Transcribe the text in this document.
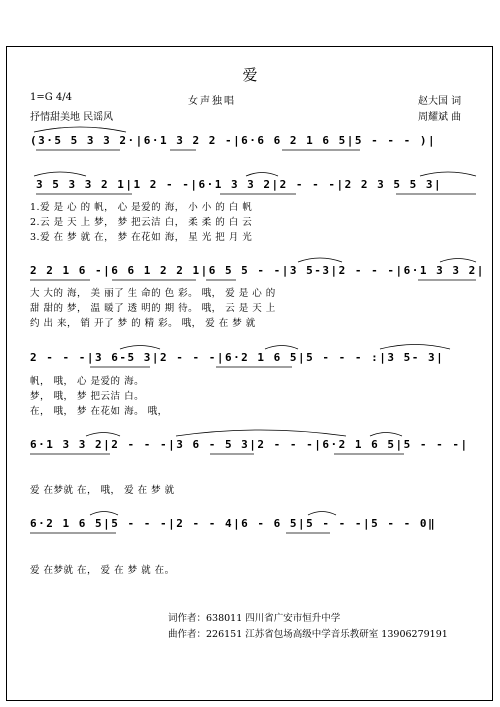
爱
1=G 4/4	女声独唱	赵大国 词
抒情甜美地 民谣风	周耀斌 曲
(3·5 5 3 3 2·|6·1 3 2 2 -|6·6 6 2 1 6 5|5 - - - )|
3 5 3 3 2 1|1 2 - -|6·1 3 3 2|2 - - -|2 2 3 5 5 3|
2 2 1 6 -|6 6 1 2 2 1|6 5 5 - -|3 5-3|2 - - -|6·1 3 3 2|
2 - - -|3 6-5 3|2 - - -|6·2 1 6 5|5 - - - :|3 5- 3|
6·1 3 3 2|2 - - -|3 6 - 5 3|2 - - -|6·2 1 6 5|5 - - -|
6·2 1 6 5|5 - - -|2 - - 4|6 - 6 5|5 - - -|5 - - 0‖
1.爱 是 心 的 帆， 心 是爱的 海， 小 小 的 白 帆
2.云 是 天 上 梦， 梦 把云洁 白， 柔 柔 的 白 云
3.爱 在 梦 就 在， 梦 在花如 海， 星 光 把 月 光
大 大的 海， 美 丽了 生 命的 色 彩。 哦， 爱 是 心 的
甜 甜的 梦， 温 暖了 透 明的 期 待。 哦， 云 是 天 上
约 出 来， 销 开了 梦 的 精 彩。 哦， 爱 在 梦 就
帆， 哦， 心 是爱的 海。
梦， 哦， 梦 把云洁 白。
在， 哦， 梦 在花如 海。 哦，
爱 在梦就 在， 哦， 爱 在 梦 就
爱 在梦就 在， 爱 在 梦 就 在。
词作者：638011 四川省广安市恒升中学
曲作者：226151 江苏省包场高级中学音乐教研室 13906279191
